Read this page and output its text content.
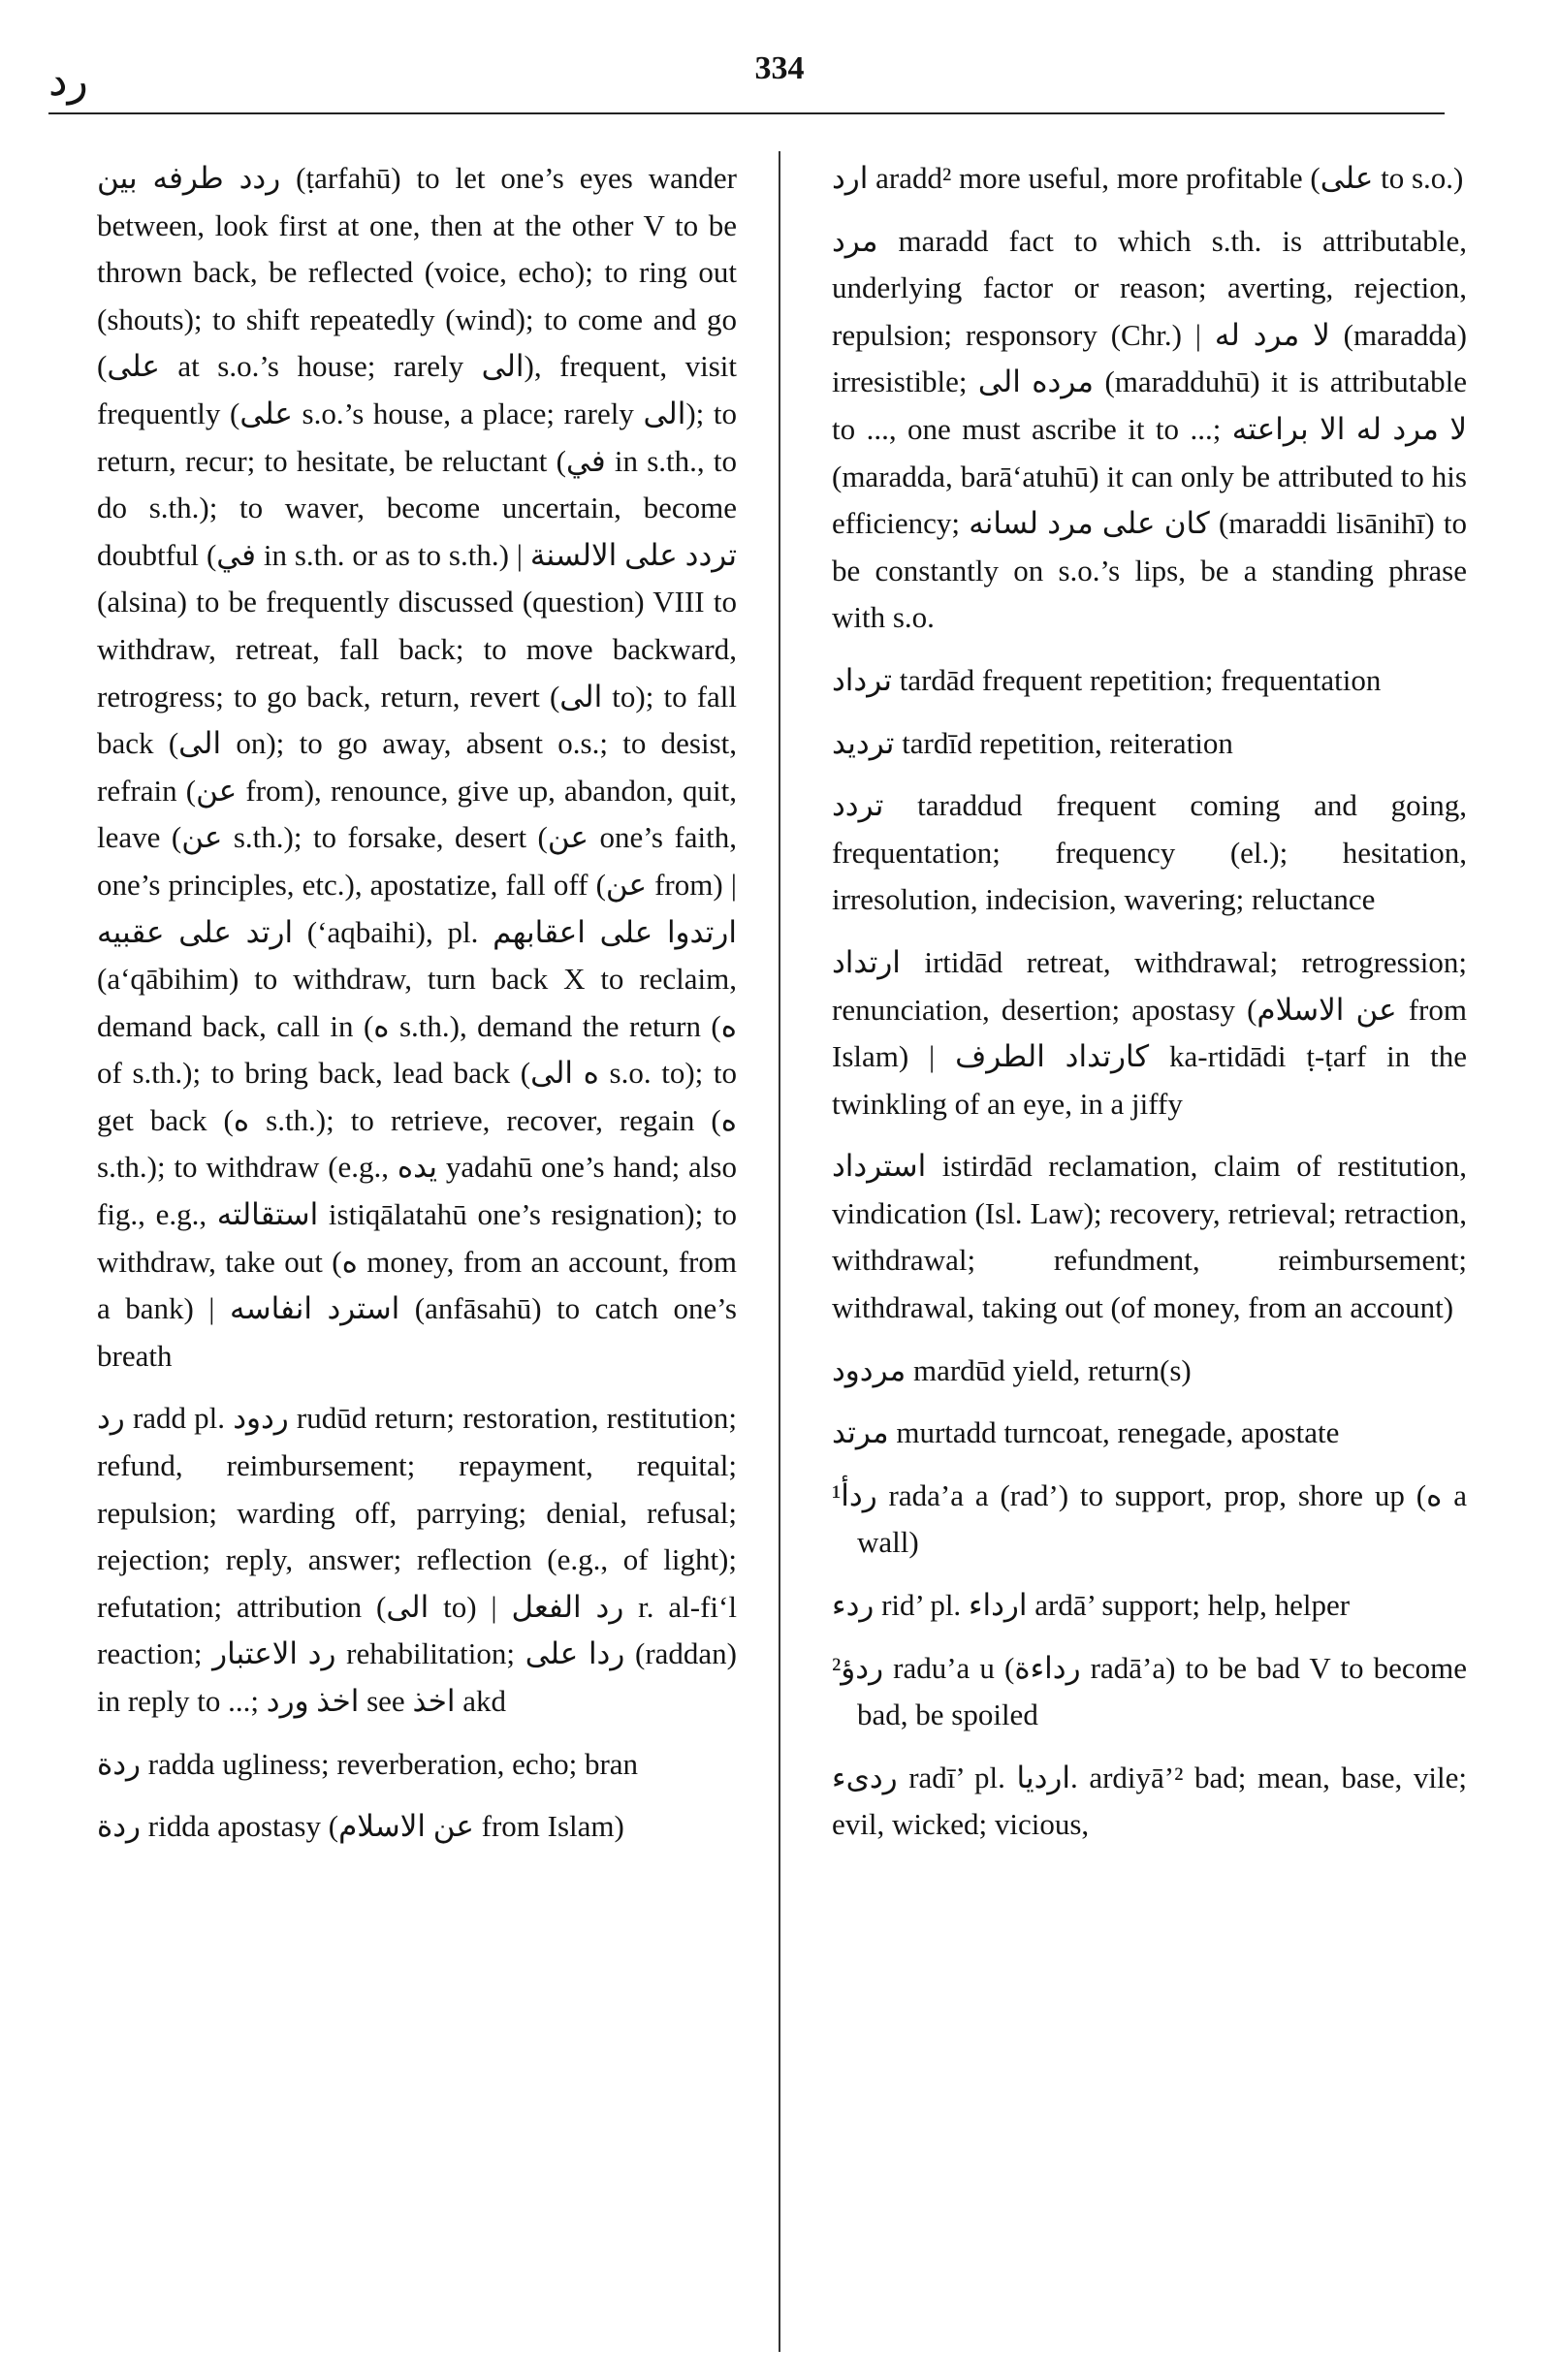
رد	334

ردد طرفه بين (ṭarfahū) to let one’s eyes wander between, look first at one, then at the other V to be thrown back, be reflected (voice, echo); to ring out (shouts); to shift repeatedly (wind); to come and go (على at s.o.’s house; rarely الى), frequent, visit frequently (على s.o.’s house, a place; rarely الى); to return, recur; to hesitate, be reluctant (في in s.th., to do s.th.); to waver, become uncertain, become doubtful (في in s.th. or as to s.th.) | تردد على الالسنة (alsina) to be frequently discussed (question) VIII to withdraw, retreat, fall back; to move backward, retrogress; to go back, return, revert (الى to); to fall back (الى on); to go away, absent o.s.; to desist, refrain (عن from), renounce, give up, abandon, quit, leave (عن s.th.); to forsake, desert (عن one’s faith, one’s principles, etc.), apostatize, fall off (عن from) | ارتد على عقبيه (‘aqbaihi), pl. ارتدوا على اعقابهم (a‘qābihim) to withdraw, turn back X to reclaim, demand back, call in (ه s.th.), demand the return (ه of s.th.); to bring back, lead back (ه الى s.o. to); to get back (ه s.th.); to retrieve, recover, regain (ه s.th.); to withdraw (e.g., يده yadahū one’s hand; also fig., e.g., استقالته istiqālatahū one’s resignation); to withdraw, take out (ه money, from an account, from a bank) | استرد انفاسه (anfāsahū) to catch one’s breath

رد radd pl. ردود rudūd return; restoration, restitution; refund, reimbursement; repayment, requital; repulsion; warding off, parrying; denial, refusal; rejection; reply, answer; reflection (e.g., of light); refutation; attribution (الى to) | رد الفعل r. al-fi‘l reaction; رد الاعتبار rehabilitation; ردا على (raddan) in reply to ...; اخذ ورد see اخذ akd

ردة radda ugliness; reverberation, echo; bran

ردة ridda apostasy (عن الاسلام from Islam)

ارد aradd² more useful, more profitable (على to s.o.)

مرد maradd fact to which s.th. is attributable, underlying factor or reason; averting, rejection, repulsion; responsory (Chr.) | لا مرد له (maradda) irresistible; مرده الى (maradduhū) it is attributable to ..., one must ascribe it to ...; لا مرد له الا براعته (maradda, barā‘atuhū) it can only be attributed to his efficiency; كان على مرد لسانه (maraddi lisānihī) to be constantly on s.o.’s lips, be a standing phrase with s.o.

ترداد tardād frequent repetition; frequentation

ترديد tardīd repetition, reiteration

تردد taraddud frequent coming and going, frequentation; frequency (el.); hesitation, irresolution, indecision, wavering; reluctance

ارتداد irtidād retreat, withdrawal; retrogression; renunciation, desertion; apostasy (عن الاسلام from Islam) | كارتداد الطرف ka-rtidādi ṭ-ṭarf in the twinkling of an eye, in a jiffy

استرداد istirdād reclamation, claim of restitution, vindication (Isl. Law); recovery, retrieval; retraction, withdrawal; refundment, reimbursement; withdrawal, taking out (of money, from an account)

مردود mardūd yield, return(s)

مرتد murtadd turncoat, renegade, apostate

¹ردأ rada’a a (rad’) to support, prop, shore up (ه a wall)

ردء rid’ pl. ارداء ardā’ support; help, helper

²ردؤ radu’a u (رداءة radā’a) to be bad V to become bad, be spoiled

ردىء radī’ pl. ارديا. ardiyā’² bad; mean, base, vile; evil, wicked; vicious,
